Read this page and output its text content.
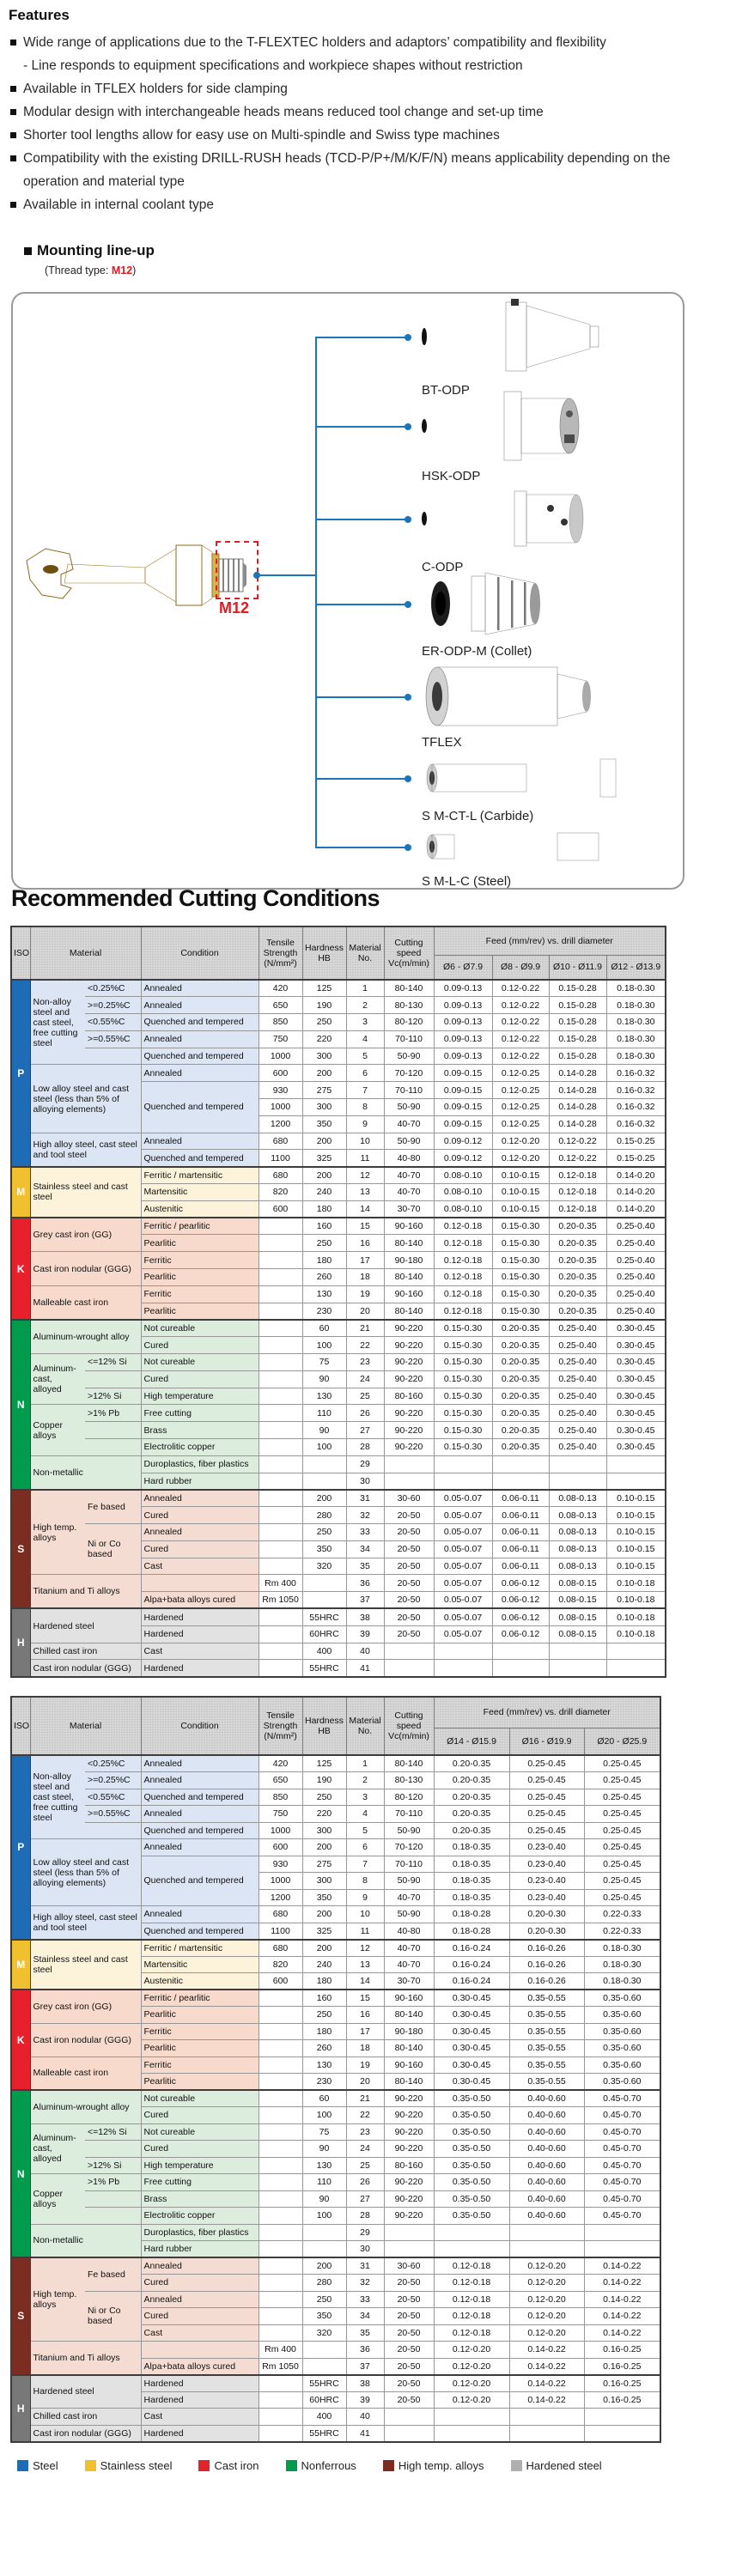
Features
Wide range of applications due to the T-FLEXTEC holders and adaptors’ compatibility and flexibility
- Line responds to equipment specifications and workpiece shapes without restriction
Available in TFLEX holders for side clamping
Modular design with interchangeable heads means reduced tool change and set-up time
Shorter tool lengths allow for easy use on Multi-spindle and Swiss type machines
Compatibility with the existing DRILL-RUSH heads (TCD-P/P+/M/K/F/N) means applicability depending on the operation and material type
Available in internal coolant type
Mounting line-up
(Thread type: M12)
M12
BT-ODP
HSK-ODP
C-ODP
ER-ODP-M (Collet)
TFLEX
S M-CT-L (Carbide)
S M-L-C (Steel)
Recommended Cutting Conditions
ISO	Material		Condition	Tensile Strength (N/mm²)	Hardness HB	Material No.	Cutting speed Vc(m/min)	Feed (mm/rev) vs. drill diameter			
								Ø6 - Ø7.9	Ø8 - Ø9.9	Ø10 - Ø11.9	Ø12 - Ø13.9
P	Non-alloy steel and cast steel, free cutting steel	<0.25%C	Annealed	420	125	1	80-140	0.09-0.13	0.12-0.22	0.15-0.28	0.18-0.30
		>=0.25%C	Annealed	650	190	2	80-130	0.09-0.13	0.12-0.22	0.15-0.28	0.18-0.30
		<0.55%C	Quenched and tempered	850	250	3	80-120	0.09-0.13	0.12-0.22	0.15-0.28	0.18-0.30
		>=0.55%C	Annealed	750	220	4	70-110	0.09-0.13	0.12-0.22	0.15-0.28	0.18-0.30
			Quenched and tempered	1000	300	5	50-90	0.09-0.13	0.12-0.22	0.15-0.28	0.18-0.30
	Low alloy steel and cast steel (less than 5% of alloying elements)		Annealed	600	200	6	70-120	0.09-0.15	0.12-0.25	0.14-0.28	0.16-0.32
			Quenched and tempered	930	275	7	70-110	0.09-0.15	0.12-0.25	0.14-0.28	0.16-0.32
				1000	300	8	50-90	0.09-0.15	0.12-0.25	0.14-0.28	0.16-0.32
				1200	350	9	40-70	0.09-0.15	0.12-0.25	0.14-0.28	0.16-0.32
	High alloy steel, cast steel and tool steel		Annealed	680	200	10	50-90	0.09-0.12	0.12-0.20	0.12-0.22	0.15-0.25
			Quenched and tempered	1100	325	11	40-80	0.09-0.12	0.12-0.20	0.12-0.22	0.15-0.25
M	Stainless steel and cast steel		Ferritic / martensitic	680	200	12	40-70	0.08-0.10	0.10-0.15	0.12-0.18	0.14-0.20
			Martensitic	820	240	13	40-70	0.08-0.10	0.10-0.15	0.12-0.18	0.14-0.20
			Austenitic	600	180	14	30-70	0.08-0.10	0.10-0.15	0.12-0.18	0.14-0.20
K	Grey cast iron (GG)		Ferritic / pearlitic		160	15	90-160	0.12-0.18	0.15-0.30	0.20-0.35	0.25-0.40
			Pearlitic		250	16	80-140	0.12-0.18	0.15-0.30	0.20-0.35	0.25-0.40
	Cast iron nodular (GGG)		Ferritic		180	17	90-180	0.12-0.18	0.15-0.30	0.20-0.35	0.25-0.40
			Pearlitic		260	18	80-140	0.12-0.18	0.15-0.30	0.20-0.35	0.25-0.40
	Malleable cast iron		Ferritic		130	19	90-160	0.12-0.18	0.15-0.30	0.20-0.35	0.25-0.40
			Pearlitic		230	20	80-140	0.12-0.18	0.15-0.30	0.20-0.35	0.25-0.40
N	Aluminum-wrought alloy		Not cureable		60	21	90-220	0.15-0.30	0.20-0.35	0.25-0.40	0.30-0.45
			Cured		100	22	90-220	0.15-0.30	0.20-0.35	0.25-0.40	0.30-0.45
	Aluminum-cast, alloyed	<=12% Si	Not cureable		75	23	90-220	0.15-0.30	0.20-0.35	0.25-0.40	0.30-0.45
			Cured		90	24	90-220	0.15-0.30	0.20-0.35	0.25-0.40	0.30-0.45
		>12% Si	High temperature		130	25	80-160	0.15-0.30	0.20-0.35	0.25-0.40	0.30-0.45
	Copper alloys	>1% Pb	Free cutting		110	26	90-220	0.15-0.30	0.20-0.35	0.25-0.40	0.30-0.45
			Brass		90	27	90-220	0.15-0.30	0.20-0.35	0.25-0.40	0.30-0.45
			Electrolitic copper		100	28	90-220	0.15-0.30	0.20-0.35	0.25-0.40	0.30-0.45
	Non-metallic		Duroplastics, fiber plastics			29					
			Hard rubber			30					
S	High temp. alloys	Fe based	Annealed		200	31	30-60	0.05-0.07	0.06-0.11	0.08-0.13	0.10-0.15
			Cured		280	32	20-50	0.05-0.07	0.06-0.11	0.08-0.13	0.10-0.15
		Ni or Co based	Annealed		250	33	20-50	0.05-0.07	0.06-0.11	0.08-0.13	0.10-0.15
			Cured		350	34	20-50	0.05-0.07	0.06-0.11	0.08-0.13	0.10-0.15
			Cast		320	35	20-50	0.05-0.07	0.06-0.11	0.08-0.13	0.10-0.15
	Titanium and Ti alloys			Rm 400		36	20-50	0.05-0.07	0.06-0.12	0.08-0.15	0.10-0.18
			Alpa+bata alloys cured	Rm 1050		37	20-50	0.05-0.07	0.06-0.12	0.08-0.15	0.10-0.18
H	Hardened steel		Hardened		55HRC	38	20-50	0.05-0.07	0.06-0.12	0.08-0.15	0.10-0.18
			Hardened		60HRC	39	20-50	0.05-0.07	0.06-0.12	0.08-0.15	0.10-0.18
	Chilled cast iron		Cast		400	40					
	Cast iron nodular (GGG)		Hardened		55HRC	41					
ISO	Material		Condition	Tensile Strength (N/mm²)	Hardness HB	Material No.	Cutting speed Vc(m/min)	Feed (mm/rev) vs. drill diameter		
								Ø14 - Ø15.9	Ø16 - Ø19.9	Ø20 - Ø25.9
P	Non-alloy steel and cast steel, free cutting steel	<0.25%C	Annealed	420	125	1	80-140	0.20-0.35	0.25-0.45	0.25-0.45
		>=0.25%C	Annealed	650	190	2	80-130	0.20-0.35	0.25-0.45	0.25-0.45
		<0.55%C	Quenched and tempered	850	250	3	80-120	0.20-0.35	0.25-0.45	0.25-0.45
		>=0.55%C	Annealed	750	220	4	70-110	0.20-0.35	0.25-0.45	0.25-0.45
			Quenched and tempered	1000	300	5	50-90	0.20-0.35	0.25-0.45	0.25-0.45
	Low alloy steel and cast steel (less than 5% of alloying elements)		Annealed	600	200	6	70-120	0.18-0.35	0.23-0.40	0.25-0.45
			Quenched and tempered	930	275	7	70-110	0.18-0.35	0.23-0.40	0.25-0.45
				1000	300	8	50-90	0.18-0.35	0.23-0.40	0.25-0.45
				1200	350	9	40-70	0.18-0.35	0.23-0.40	0.25-0.45
	High alloy steel, cast steel and tool steel		Annealed	680	200	10	50-90	0.18-0.28	0.20-0.30	0.22-0.33
			Quenched and tempered	1100	325	11	40-80	0.18-0.28	0.20-0.30	0.22-0.33
M	Stainless steel and cast steel		Ferritic / martensitic	680	200	12	40-70	0.16-0.24	0.16-0.26	0.18-0.30
			Martensitic	820	240	13	40-70	0.16-0.24	0.16-0.26	0.18-0.30
			Austenitic	600	180	14	30-70	0.16-0.24	0.16-0.26	0.18-0.30
K	Grey cast iron (GG)		Ferritic / pearlitic		160	15	90-160	0.30-0.45	0.35-0.55	0.35-0.60
			Pearlitic		250	16	80-140	0.30-0.45	0.35-0.55	0.35-0.60
	Cast iron nodular (GGG)		Ferritic		180	17	90-180	0.30-0.45	0.35-0.55	0.35-0.60
			Pearlitic		260	18	80-140	0.30-0.45	0.35-0.55	0.35-0.60
	Malleable cast iron		Ferritic		130	19	90-160	0.30-0.45	0.35-0.55	0.35-0.60
			Pearlitic		230	20	80-140	0.30-0.45	0.35-0.55	0.35-0.60
N	Aluminum-wrought alloy		Not cureable		60	21	90-220	0.35-0.50	0.40-0.60	0.45-0.70
			Cured		100	22	90-220	0.35-0.50	0.40-0.60	0.45-0.70
	Aluminum-cast, alloyed	<=12% Si	Not cureable		75	23	90-220	0.35-0.50	0.40-0.60	0.45-0.70
			Cured		90	24	90-220	0.35-0.50	0.40-0.60	0.45-0.70
		>12% Si	High temperature		130	25	80-160	0.35-0.50	0.40-0.60	0.45-0.70
	Copper alloys	>1% Pb	Free cutting		110	26	90-220	0.35-0.50	0.40-0.60	0.45-0.70
			Brass		90	27	90-220	0.35-0.50	0.40-0.60	0.45-0.70
			Electrolitic copper		100	28	90-220	0.35-0.50	0.40-0.60	0.45-0.70
	Non-metallic		Duroplastics, fiber plastics			29				
			Hard rubber			30				
S	High temp. alloys	Fe based	Annealed		200	31	30-60	0.12-0.18	0.12-0.20	0.14-0.22
			Cured		280	32	20-50	0.12-0.18	0.12-0.20	0.14-0.22
		Ni or Co based	Annealed		250	33	20-50	0.12-0.18	0.12-0.20	0.14-0.22
			Cured		350	34	20-50	0.12-0.18	0.12-0.20	0.14-0.22
			Cast		320	35	20-50	0.12-0.18	0.12-0.20	0.14-0.22
	Titanium and Ti alloys			Rm 400		36	20-50	0.12-0.20	0.14-0.22	0.16-0.25
			Alpa+bata alloys cured	Rm 1050		37	20-50	0.12-0.20	0.14-0.22	0.16-0.25
H	Hardened steel		Hardened		55HRC	38	20-50	0.12-0.20	0.14-0.22	0.16-0.25
			Hardened		60HRC	39	20-50	0.12-0.20	0.14-0.22	0.16-0.25
	Chilled cast iron		Cast		400	40				
	Cast iron nodular (GGG)		Hardened		55HRC	41				
Steel	Stainless steel	Cast iron	Nonferrous	High temp. alloys	Hardened steel
